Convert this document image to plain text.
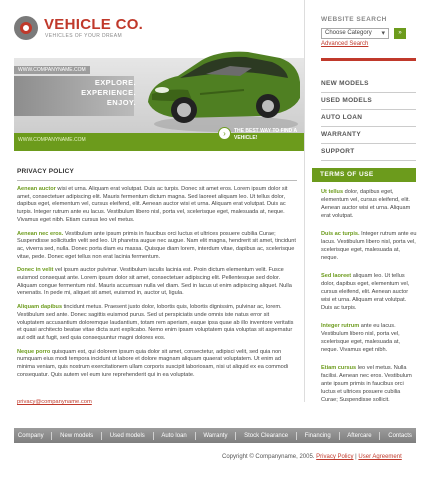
VEHICLE CO.
VEHICLES OF YOUR DREAM
WWW.COMPANYNAME.COM
EXPLORE.
EXPERIENCE.
ENJOY.
WWW.COMPANYNAME.COM
›	THE BEST WAY TO FIND A VEHICLE!
WEBSITE SEARCH
Choose Category ▾	»
Advanced Search
NEW MODELS
USED MODELS
AUTO LOAN
WARRANTY
SUPPORT
TERMS OF USE

Ut tellus dolor, dapibus eget, elementum vel, cursus eleifend, elit. Aenean auctor wisi et urna. Aliquam erat volutpat.

Duis ac turpis. Integer rutrum ante eu lacus. Vestibulum libero nisl, porta vel, scelerisque eget, malesuada at, neque.

Sed laoreet aliquam leo. Ut tellus dolor, dapibus eget, elementum vel, cursus eleifend, elit. Aenean auctor wisi et urna. Aliquam erat volutpat. Duis ac turpis.

Integer rutrum ante eu lacus. Vestibulum libero nisl, porta vel, scelerisque eget, malesuada at, neque. Vivamus eget nibh.

Etiam cursus leo vel metus. Nulla facilisi. Aenean nec eros. Vestibulum ante ipsum primis in faucibus orci luctus et ultrices posuere cubilia Curae; Suspendisse sollicit.

PRIVACY POLICY

Aenean auctor wisi et urna. Aliquam erat volutpat. Duis ac turpis. Donec sit amet eros. Lorem ipsum dolor sit amet, consectetuer adipiscing elit. Mauris fermentum dictum magna. Sed laoreet aliquam leo. Ut tellus dolor, dapibus eget, elementum vel, cursus eleifend, elit. Aenean auctor wisi et urna. Aliquam erat volutpat. Duis ac turpis. Integer rutrum ante eu lacus. Vestibulum libero nisl, porta vel, scelerisque eget, malesuada at, neque. Vivamus eget nibh. Etiam cursus leo vel metus.

Aenean nec eros. Vestibulum ante ipsum primis in faucibus orci luctus et ultrices posuere cubilia Curae; Suspendisse sollicitudin velit sed leo. Ut pharetra augue nec augue. Nam elit magna, hendrerit sit amet, tincidunt ac, viverra sed, nulla. Donec porta diam eu massa. Quisque diam lorem, interdum vitae, dapibus ac, scelerisque vitae, pede. Donec eget tellus non erat lacinia fermentum.

Donec in velit vel ipsum auctor pulvinar. Vestibulum iaculis lacinia est. Proin dictum elementum velit. Fusce euismod consequat ante. Lorem ipsum dolor sit amet, consectetuer adipiscing elit. Pellentesque sed dolor. Aliquam congue fermentum nisl. Mauris accumsan nulla vel diam. Sed in lacus ut enim adipiscing aliquet. Nulla venenatis. In pede mi, aliquet sit amet, euismod in, auctor ut, ligula.

Aliquam dapibus tincidunt metus. Praesent justo dolor, lobortis quis, lobortis dignissim, pulvinar ac, lorem. Vestibulum sed ante. Donec sagittis euismod purus. Sed ut perspiciatis unde omnis iste natus error sit voluptatem accusantium doloremque laudantium, totam rem aperiam, eaque ipsa quae ab illo inventore veritatis et quasi architecto beatae vitae dicta sunt explicabo. Nemo enim ipsam voluptatem quia voluptas sit aspernatur aut odit aut fugit, sed quia consequuntur magni dolores eos.

Neque porro quisquam est, qui dolorem ipsum quia dolor sit amet, consectetur, adipisci velit, sed quia non numquam eius modi tempora incidunt ut labore et dolore magnam aliquam quaerat voluptatem. Ut enim ad minima veniam, quis nostrum exercitationem ullam corporis suscipit laboriosam, nisi ut aliquid ex ea commodi consequatur. Quis autem vel eum iure reprehenderit qui in ea voluptate.

privacy@companyname.com
Company	New models	Used models	Auto loan	Warranty	Stock Clearance	Financing	Aftercare	Contacts
Copyright © Companyname, 2005. Privacy Policy | User Agreement
